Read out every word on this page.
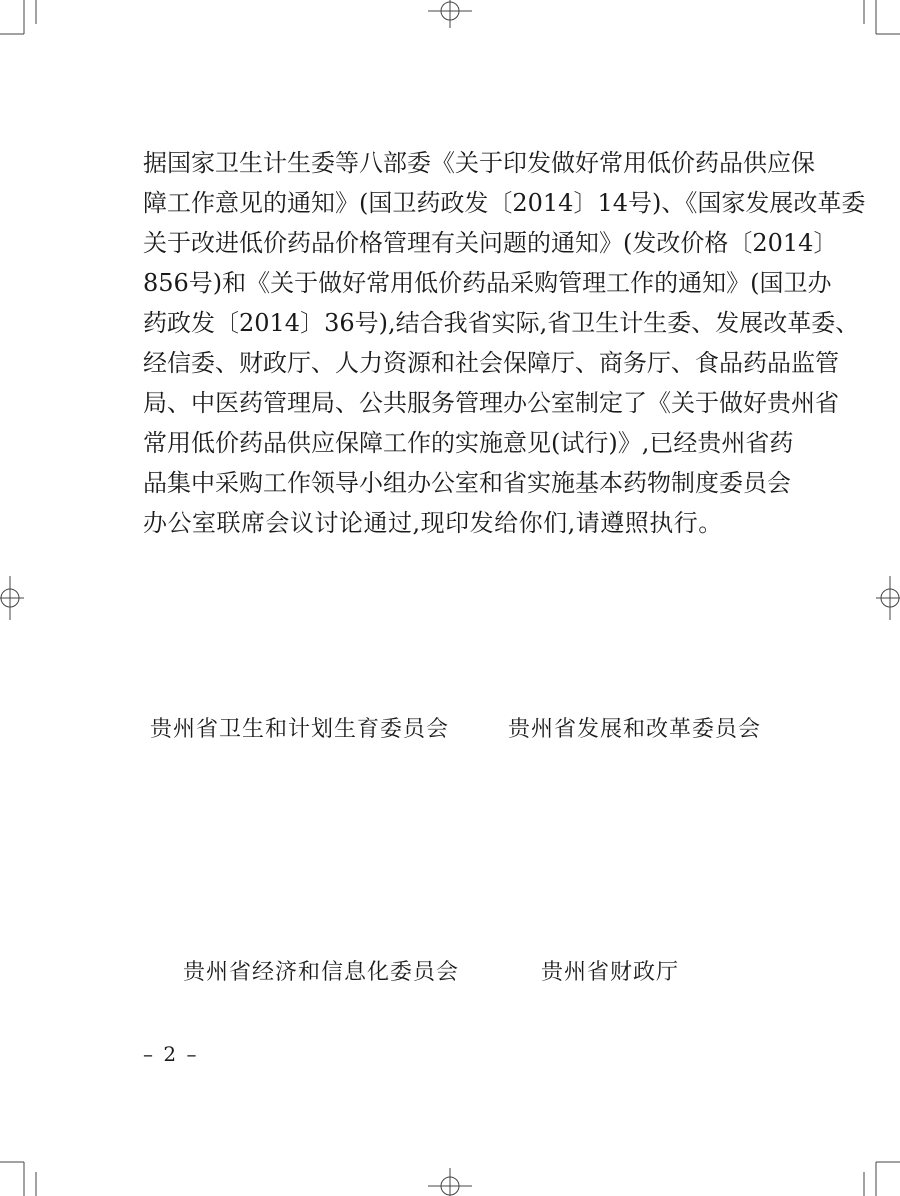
据国家卫生计生委等八部委《关于印发做好常用低价药品供应保
障工作意见的通知》(国卫药政发〔2014〕14号)、《国家发展改革委
关于改进低价药品价格管理有关问题的通知》(发改价格〔2014〕
856号)和《关于做好常用低价药品采购管理工作的通知》(国卫办
药政发〔2014〕36号),结合我省实际,省卫生计生委、发展改革委、
经信委、财政厅、人力资源和社会保障厅、商务厅、食品药品监管
局、中医药管理局、公共服务管理办公室制定了《关于做好贵州省
常用低价药品供应保障工作的实施意见(试行)》,已经贵州省药
品集中采购工作领导小组办公室和省实施基本药物制度委员会
办公室联席会议讨论通过,现印发给你们,请遵照执行。
贵州省卫生和计划生育委员会	贵州省发展和改革委员会
贵州省经济和信息化委员会	贵州省财政厅
– 2 –
